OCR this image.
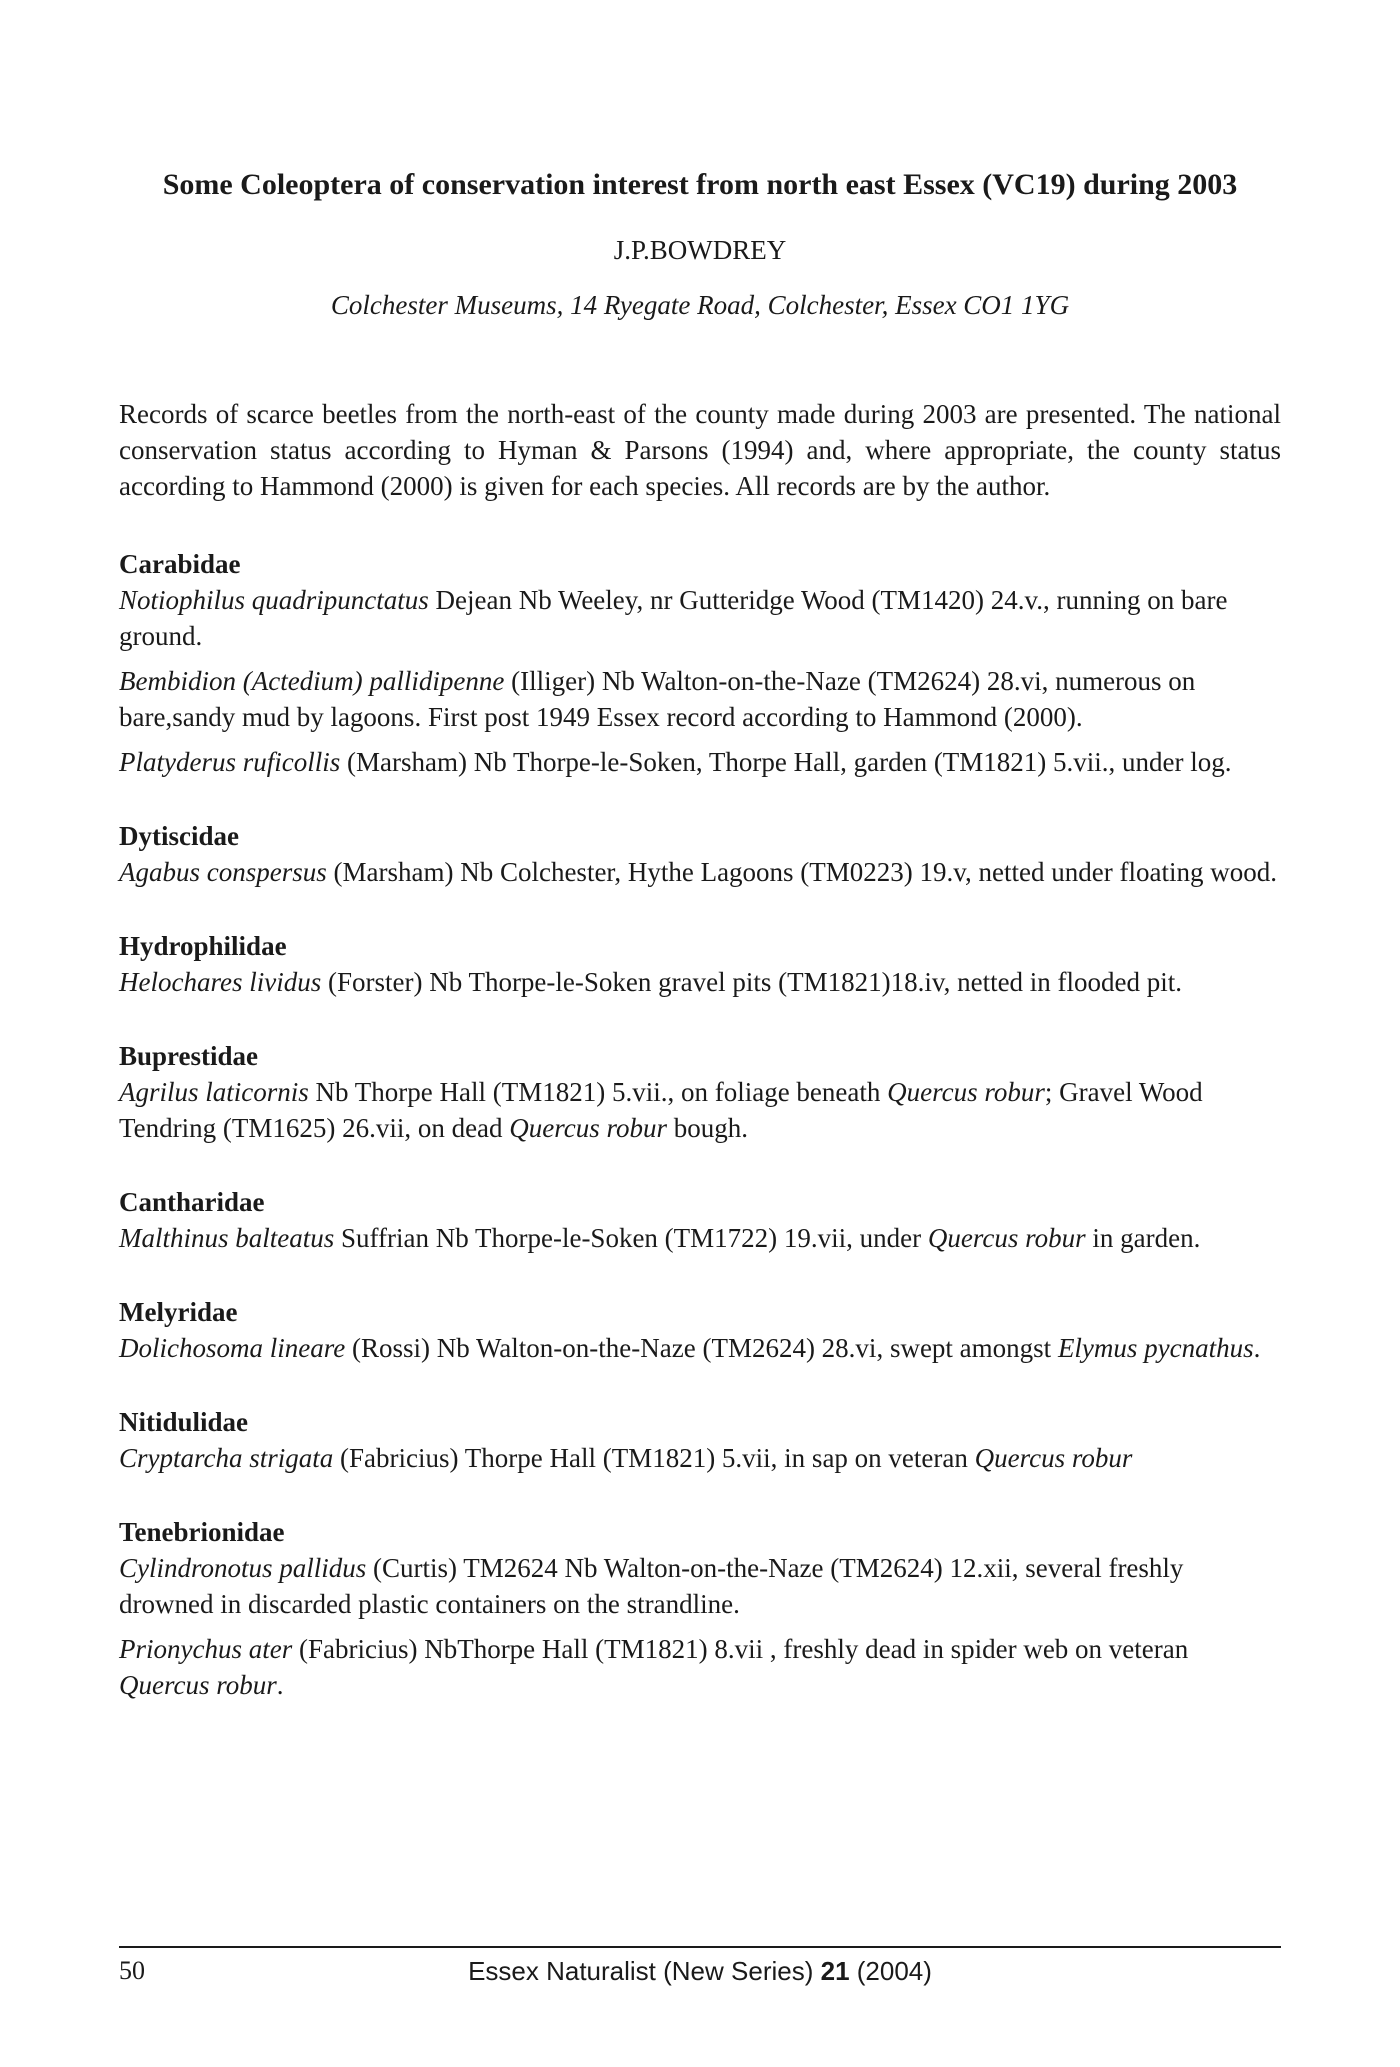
Some Coleoptera of conservation interest from north east Essex (VC19) during 2003

J.P.BOWDREY

Colchester Museums, 14 Ryegate Road, Colchester, Essex CO1 1YG

Records of scarce beetles from the north-east of the county made during 2003 are presented. The national conservation status according to Hyman & Parsons (1994) and, where appropriate, the county status according to Hammond (2000) is given for each species. All records are by the author.

Carabidae

Notiophilus quadripunctatus Dejean Nb Weeley, nr Gutteridge Wood (TM1420) 24.v., running on bare ground.

Bembidion (Actedium) pallidipenne (Illiger) Nb Walton-on-the-Naze (TM2624) 28.vi, numerous on bare,sandy mud by lagoons. First post 1949 Essex record according to Hammond (2000).

Platyderus ruficollis (Marsham) Nb Thorpe-le-Soken, Thorpe Hall, garden (TM1821) 5.vii., under log.

Dytiscidae

Agabus conspersus (Marsham) Nb Colchester, Hythe Lagoons (TM0223) 19.v, netted under floating wood.

Hydrophilidae

Helochares lividus (Forster) Nb Thorpe-le-Soken gravel pits (TM1821)18.iv, netted in flooded pit.

Buprestidae

Agrilus laticornis Nb Thorpe Hall (TM1821) 5.vii., on foliage beneath Quercus robur; Gravel Wood Tendring (TM1625) 26.vii, on dead Quercus robur bough.

Cantharidae

Malthinus balteatus Suffrian Nb Thorpe-le-Soken (TM1722) 19.vii, under Quercus robur in garden.

Melyridae

Dolichosoma lineare (Rossi) Nb Walton-on-the-Naze (TM2624) 28.vi, swept amongst Elymus pycnathus.

Nitidulidae

Cryptarcha strigata (Fabricius) Thorpe Hall (TM1821) 5.vii, in sap on veteran Quercus robur

Tenebrionidae

Cylindronotus pallidus (Curtis) TM2624 Nb Walton-on-the-Naze (TM2624) 12.xii, several freshly drowned in discarded plastic containers on the strandline.

Prionychus ater (Fabricius) NbThorpe Hall (TM1821) 8.vii , freshly dead in spider web on veteran Quercus robur.

50	Essex Naturalist (New Series) 21 (2004)
